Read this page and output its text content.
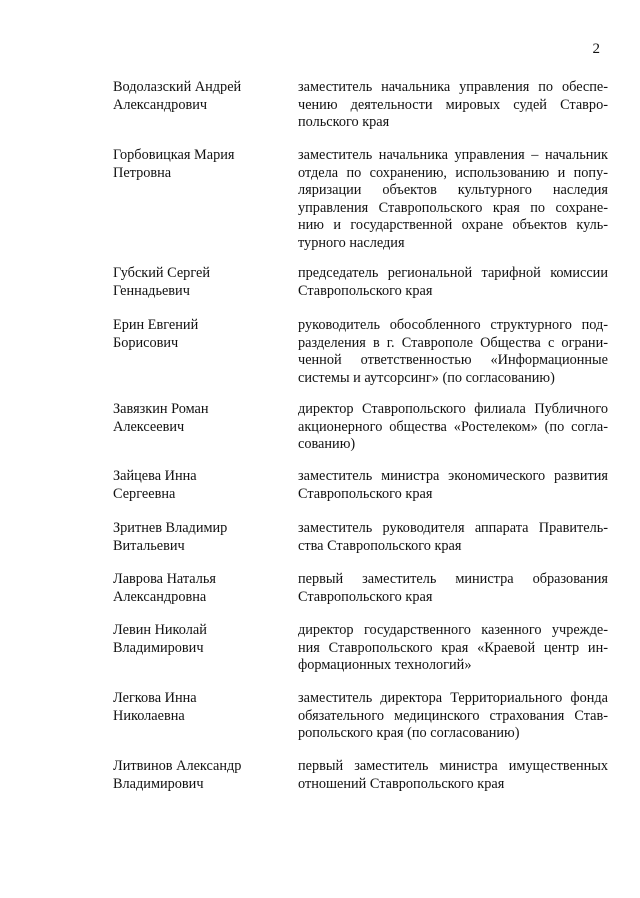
2
Водолазский Андрей
Александрович
заместитель начальника управления по обеспе-
чению деятельности мировых судей Ставро-
польского края
Горбовицкая Мария
Петровна
заместитель начальника управления – начальник
отдела по сохранению, использованию и попу-
ляризации объектов культурного наследия
управления Ставропольского края по сохране-
нию и государственной охране объектов куль-
турного наследия
Губский Сергей
Геннадьевич
председатель региональной тарифной комиссии
Ставропольского края
Ерин Евгений
Борисович
руководитель обособленного структурного под-
разделения в г. Ставрополе Общества с ограни-
ченной ответственностью «Информационные
системы и аутсорсинг» (по согласованию)
Завязкин Роман
Алексеевич
директор Ставропольского филиала Публичного
акционерного общества «Ростелеком» (по согла-
сованию)
Зайцева Инна
Сергеевна
заместитель министра экономического развития
Ставропольского края
Зритнев Владимир
Витальевич
заместитель руководителя аппарата Правитель-
ства Ставропольского края
Лаврова Наталья
Александровна
первый заместитель министра образования
Ставропольского края
Левин Николай
Владимирович
директор государственного казенного учрежде-
ния Ставропольского края «Краевой центр ин-
формационных технологий»
Легкова Инна
Николаевна
заместитель директора Территориального фонда
обязательного медицинского страхования Став-
ропольского края (по согласованию)
Литвинов Александр
Владимирович
первый заместитель министра имущественных
отношений Ставропольского края
